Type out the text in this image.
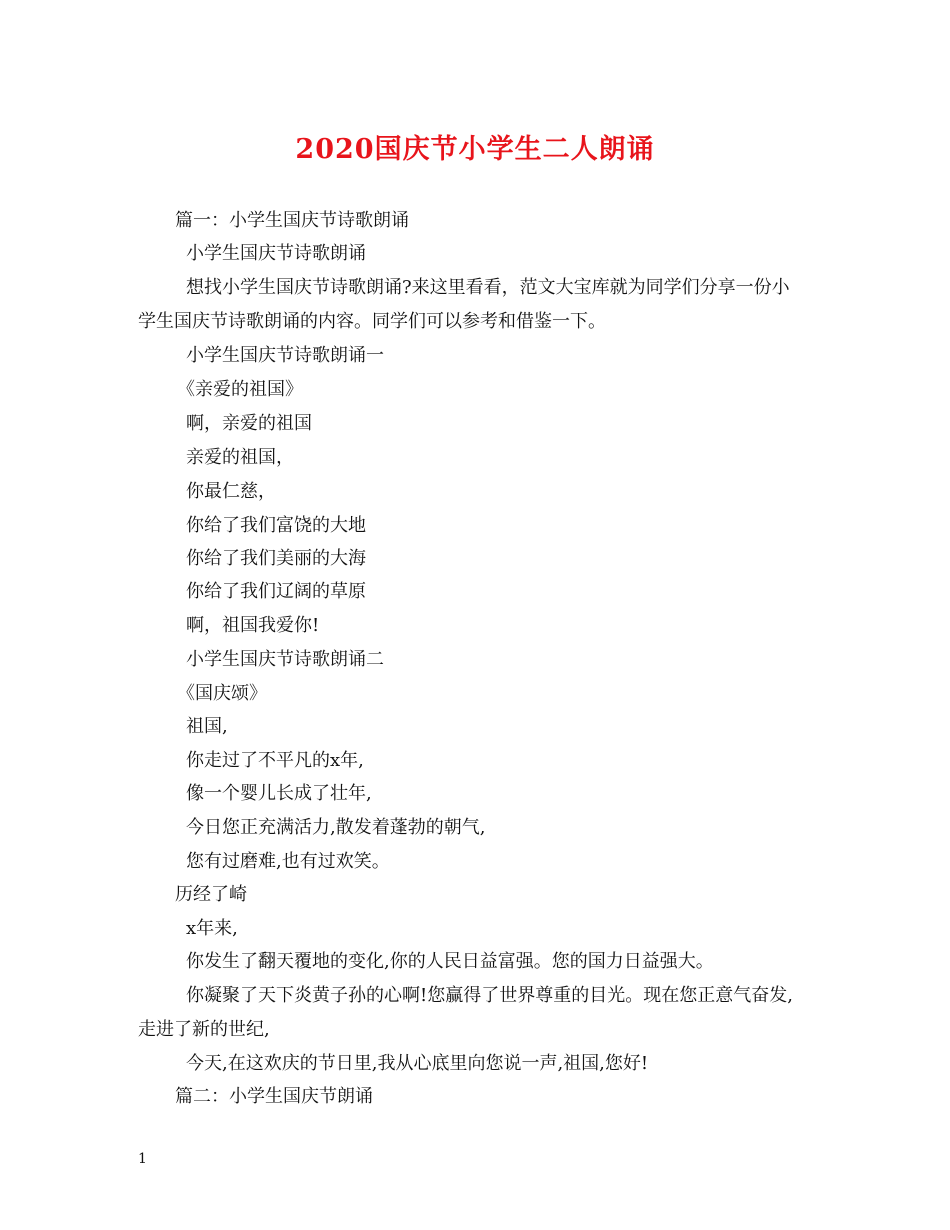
2020国庆节小学生二人朗诵
篇一：小学生国庆节诗歌朗诵
小学生国庆节诗歌朗诵
想找小学生国庆节诗歌朗诵?来这里看看，范文大宝库就为同学们分享一份小
学生国庆节诗歌朗诵的内容。同学们可以参考和借鉴一下。
小学生国庆节诗歌朗诵一
《亲爱的祖国》
啊，亲爱的祖国
亲爱的祖国，
你最仁慈，
你给了我们富饶的大地
你给了我们美丽的大海
你给了我们辽阔的草原
啊，祖国我爱你!
小学生国庆节诗歌朗诵二
《国庆颂》
祖国,
你走过了不平凡的x年,
像一个婴儿长成了壮年,
今日您正充满活力,散发着蓬勃的朝气,
您有过磨难,也有过欢笑。
历经了崎
x年来,
你发生了翻天覆地的变化,你的人民日益富强。您的国力日益强大。
你凝聚了天下炎黄子孙的心啊!您赢得了世界尊重的目光。现在您正意气奋发,
走进了新的世纪,
今天,在这欢庆的节日里,我从心底里向您说一声,祖国,您好!
篇二：小学生国庆节朗诵
1
